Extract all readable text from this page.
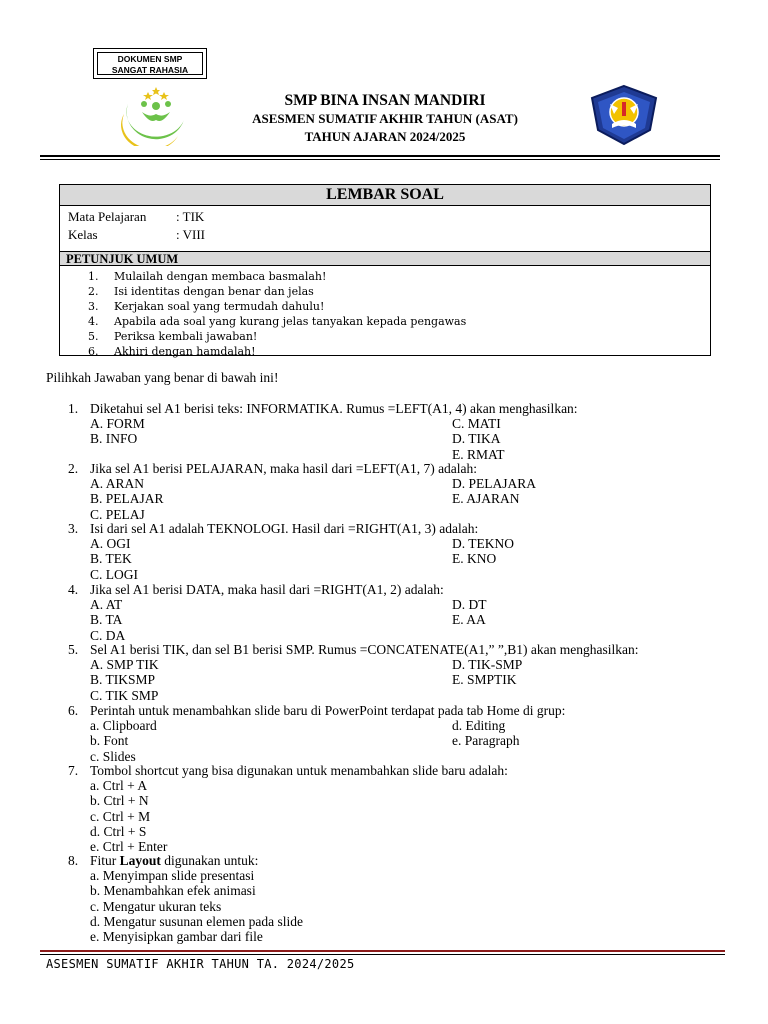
DOKUMEN SMP
SANGAT RAHASIA
SMP BINA INSAN MANDIRI
ASESMEN SUMATIF AKHIR TAHUN (ASAT)
TAHUN AJARAN 2024/2025
LEMBAR SOAL
Mata Pelajaran : TIK
Kelas	: VIII
PETUNJUK UMUM
1. Mulailah dengan membaca basmalah!
2. Isi identitas dengan benar dan jelas
3. Kerjakan soal yang termudah dahulu!
4. Apabila ada soal yang kurang jelas tanyakan kepada pengawas
5. Periksa kembali jawaban!
6. Akhiri dengan hamdalah!
Pilihkah Jawaban yang benar di bawah ini!
1. Diketahui sel A1 berisi teks: INFORMATIKA. Rumus =LEFT(A1, 4) akan menghasilkan:
A. FORM	C. MATI
B. INFO	D. TIKA
E. RMAT
2. Jika sel A1 berisi PELAJARAN, maka hasil dari =LEFT(A1, 7) adalah:
A. ARAN	D. PELAJARA
B. PELAJAR	E. AJARAN
C. PELAJ
3. Isi dari sel A1 adalah TEKNOLOGI. Hasil dari =RIGHT(A1, 3) adalah:
A. OGI	D. TEKNO
B. TEK	E. KNO
C. LOGI
4. Jika sel A1 berisi DATA, maka hasil dari =RIGHT(A1, 2) adalah:
A. AT	D. DT
B. TA	E. AA
C. DA
5. Sel A1 berisi TIK, dan sel B1 berisi SMP. Rumus =CONCATENATE(A1,” ”,B1) akan menghasilkan:
A. SMP TIK	D. TIK-SMP
B. TIKSMP	E. SMPTIK
C. TIK SMP
6. Perintah untuk menambahkan slide baru di PowerPoint terdapat pada tab Home di grup:
a. Clipboard	d. Editing
b. Font	e. Paragraph
c. Slides
7. Tombol shortcut yang bisa digunakan untuk menambahkan slide baru adalah:
a. Ctrl + A
b. Ctrl + N
c. Ctrl + M
d. Ctrl + S
e. Ctrl + Enter
8. Fitur Layout digunakan untuk:
a. Menyimpan slide presentasi
b. Menambahkan efek animasi
c. Mengatur ukuran teks
d. Mengatur susunan elemen pada slide
e. Menyisipkan gambar dari file
ASESMEN SUMATIF AKHIR TAHUN TA. 2024/2025
